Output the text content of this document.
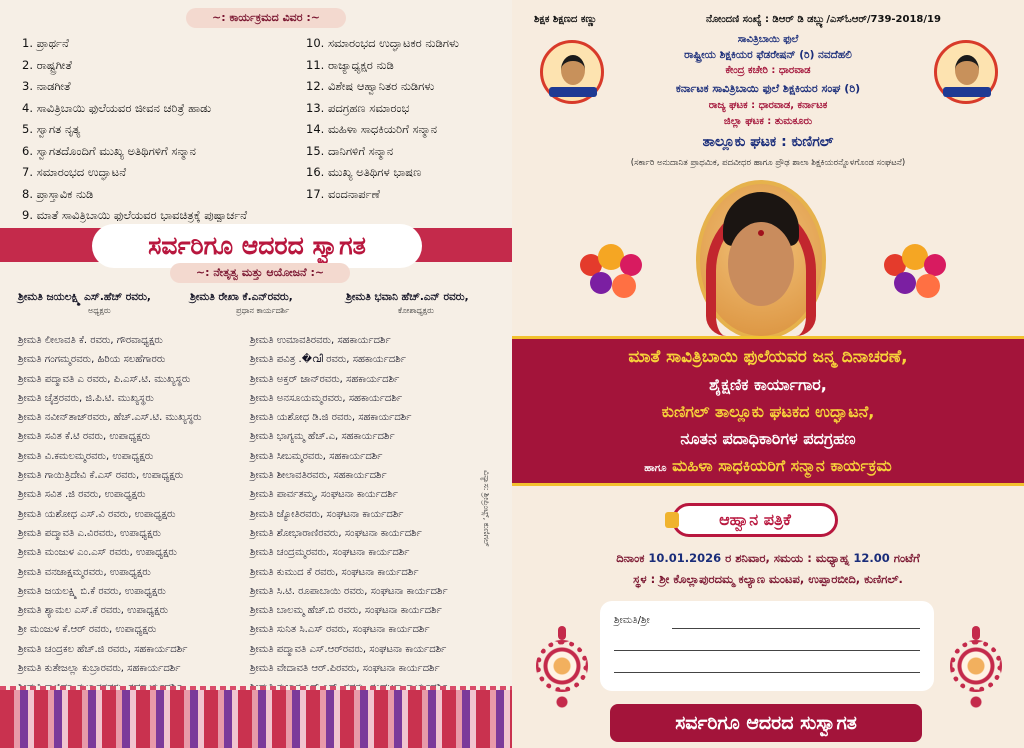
~: ಕಾರ್ಯಕ್ರಮದ ವಿವರ :~
1. ಪ್ರಾರ್ಥನೆ
2. ರಾಷ್ಟ್ರಗೀತೆ
3. ನಾಡಗೀತೆ
4. ಸಾವಿತ್ರಿಬಾಯಿ ಫುಲೆಯವರ ಜೀವನ ಚರಿತ್ರೆ ಹಾಡು
5. ಸ್ವಾಗತ ನೃತ್ಯ
6. ಸ್ವಾಗತದೊಂದಿಗೆ ಮುಖ್ಯ ಅತಿಥಿಗಳಿಗೆ ಸನ್ಮಾನ
7. ಸಮಾರಂಭದ ಉದ್ಘಾಟನೆ
8. ಪ್ರಾಸ್ತಾವಿಕ ನುಡಿ
9. ಮಾತೆ ಸಾವಿತ್ರಿಬಾಯಿ ಫುಲೆಯವರ ಭಾವಚಿತ್ರಕ್ಕೆ ಪುಷ್ಪಾರ್ಚನೆ
10. ಸಮಾರಂಭದ ಉದ್ಘಾಟಕರ ನುಡಿಗಳು
11. ರಾಜ್ಯಾಧ್ಯಕ್ಷರ ನುಡಿ
12. ವಿಶೇಷ ಆಹ್ವಾನಿತರ ನುಡಿಗಳು
13. ಪದಗ್ರಹಣ ಸಮಾರಂಭ
14. ಮಹಿಳಾ ಸಾಧಕಿಯರಿಗೆ ಸನ್ಮಾನ
15. ದಾನಿಗಳಿಗೆ ಸನ್ಮಾನ
16. ಮುಖ್ಯ ಅತಿಥಿಗಳ ಭಾಷಣ
17. ವಂದನಾರ್ಪಣೆ
ಸರ್ವರಿಗೂ ಆದರದ ಸ್ವಾಗತ
~: ನೇತೃತ್ವ ಮತ್ತು ಆಯೋಜನೆ :~
ಶ್ರೀಮತಿ ಜಯಲಕ್ಷ್ಮಿ ಎಸ್.ಹೆಚ್ ರವರು,
ಅಧ್ಯಕ್ಷರು
ಶ್ರೀಮತಿ ರೇಖಾ ಕೆ.ಎನ್‌ರವರು,
ಪ್ರಧಾನ ಕಾರ್ಯದರ್ಶಿ
ಶ್ರೀಮತಿ ಭವಾನಿ ಹೆಚ್.ಎನ್ ರವರು,
ಕೋಶಾಧ್ಯಕ್ಷರು
ಶ್ರೀಮತಿ ಲೀಲಾವತಿ ಕೆ. ರವರು, ಗೌರವಾಧ್ಯಕ್ಷರು
ಶ್ರೀಮತಿ ಗಂಗಮ್ಮರವರು, ಹಿರಿಯ ಸಲಹೆಗಾರರು
ಶ್ರೀಮತಿ ಪದ್ಮಾವತಿ ಎ ರವರು, ಪಿ.ಎಸ್.ಟಿ. ಮುಖ್ಯಸ್ಥರು
ಶ್ರೀಮತಿ ಚೈತ್ರರವರು, ಜಿ.ಪಿ.ಟಿ. ಮುಖ್ಯಸ್ಥರು
ಶ್ರೀಮತಿ ನವೀನ್‌ತಾಜ್‌ರವರು, ಹೆಚ್.ಎಸ್.ಟಿ. ಮುಖ್ಯಸ್ಥರು
ಶ್ರೀಮತಿ ಸವಿತ ಕೆ.ಟಿ ರವರು, ಉಪಾಧ್ಯಕ್ಷರು
ಶ್ರೀಮತಿ ವಿ.ಕಮಲಮ್ಮರವರು, ಉಪಾಧ್ಯಕ್ಷರು
ಶ್ರೀಮತಿ ಗಾಯಿತ್ರಿದೇವಿ ಕೆ.ಎಸ್ ರವರು, ಉಪಾಧ್ಯಕ್ಷರು
ಶ್ರೀಮತಿ ಸವಿತ .ಜಿ ರವರು, ಉಪಾಧ್ಯಕ್ಷರು
ಶ್ರೀಮತಿ ಯಶೋಧ ಎಸ್.ವಿ ರವರು, ಉಪಾಧ್ಯಕ್ಷರು
ಶ್ರೀಮತಿ ಪದ್ಮಾವತಿ ಎ.ವಿರವರು, ಉಪಾಧ್ಯಕ್ಷರು
ಶ್ರೀಮತಿ ಮಂಜುಳ ಎಂ.ಎಸ್ ರವರು, ಉಪಾಧ್ಯಕ್ಷರು
ಶ್ರೀಮತಿ ವನಜಾಕ್ಷಮ್ಮರವರು, ಉಪಾಧ್ಯಕ್ಷರು
ಶ್ರೀಮತಿ ಜಯಲಕ್ಷ್ಮಿ ಬಿ.ಕೆ ರವರು, ಉಪಾಧ್ಯಕ್ಷರು
ಶ್ರೀಮತಿ ಶ್ಯಾಮಲ ಎಸ್.ಕೆ ರವರು, ಉಪಾಧ್ಯಕ್ಷರು
ಶ್ರೀ ಮಂಜುಳ ಕೆ.ಆರ್ ರವರು, ಉಪಾಧ್ಯಕ್ಷರು
ಶ್ರೀಮತಿ ಚಂದ್ರಕಲ ಹೆಚ್.ಜಿ ರವರು, ಸಹಕಾರ್ಯದರ್ಶಿ
ಶ್ರೀಮತಿ ಕುತೇಜಲ್ಲಾ ಕುಬ್ರಾರವರು, ಸಹಕಾರ್ಯದರ್ಶಿ
ಶ್ರೀಮತಿ ಉಮಾವತಿರವರು, ಸಹಕಾರ್ಯದರ್ಶಿ
ಶ್ರೀಮತಿ ಪವಿತ್ರ .�വി ರವರು, ಸಹಕಾರ್ಯದರ್ಶಿ
ಶ್ರೀಮತಿ ಅಕ್ತರ್ ಜಾನ್‌ರವರು, ಸಹಕಾರ್ಯದರ್ಶಿ
ಶ್ರೀಮತಿ ಅನಸೂಯಮ್ಮರವರು, ಸಹಕಾರ್ಯದರ್ಶಿ
ಶ್ರೀಮತಿ ಯಶೋಧ ಡಿ.ಜಿ ರವರು, ಸಹಕಾರ್ಯದರ್ಶಿ
ಶ್ರೀಮತಿ ಭಾಗ್ಯಮ್ಮ ಹೆಚ್.ಎ, ಸಹಕಾರ್ಯದರ್ಶಿ
ಶ್ರೀಮತಿ ಸೀಬಮ್ಮರವರು, ಸಹಕಾರ್ಯದರ್ಶಿ
ಶ್ರೀಮತಿ ಶೀಲಾವತಿರವರು, ಸಹಕಾರ್ಯದರ್ಶಿ
ಶ್ರೀಮತಿ ಪಾರ್ವತಮ್ಮ, ಸಂಘಟನಾ ಕಾರ್ಯದರ್ಶಿ
ಶ್ರೀಮತಿ ಜ್ಯೋತಿರವರು, ಸಂಘಟನಾ ಕಾರ್ಯದರ್ಶಿ
ಶ್ರೀಮತಿ ಶೋಭಾರಾಣಿರವರು, ಸಂಘಟನಾ ಕಾರ್ಯದರ್ಶಿ
ಶ್ರೀಮತಿ ಚಂದ್ರಮ್ಮರವರು, ಸಂಘಟನಾ ಕಾರ್ಯದರ್ಶಿ
ಶ್ರೀಮತಿ ಕುಮುದ ಕೆ ರವರು, ಸಂಘಟನಾ ಕಾರ್ಯದರ್ಶಿ
ಶ್ರೀಮತಿ ಸಿ.ಟಿ. ರೂಪಾಬಾಯಿ ರವರು, ಸಂಘಟನಾ ಕಾರ್ಯದರ್ಶಿ
ಶ್ರೀಮತಿ ಬಾಲಮ್ಮ ಹೆಚ್.ಬಿ ರವರು, ಸಂಘಟನಾ ಕಾರ್ಯದರ್ಶಿ
ಶ್ರೀಮತಿ ಸುನಿತ ಸಿ.ಎಸ್ ರವರು, ಸಂಘಟನಾ ಕಾರ್ಯದರ್ಶಿ
ಶ್ರೀಮತಿ ಪದ್ಮಾವತಿ ಎಸ್.ಆರ್‌ರವರು, ಸಂಘಟನಾ ಕಾರ್ಯದರ್ಶಿ
ಶ್ರೀಮತಿ ವೇದಾವತಿ ಆರ್.ಪಿರವರು, ಸಂಘಟನಾ ಕಾರ್ಯದರ್ಶಿ
ವಿನ್ಯಾಸ: ಶ್ರೀಪ್ರಿಂಟ್ಸ್, ಕುಣಿಗಲ್
ಶಿಕ್ಷಕ ಶಿಕ್ಷಣದ ಕಣ್ಣು	ನೋಂದಣಿ ಸಂಖ್ಯೆ : ಡಿಆರ್ ಡಿ ಡಬ್ಲ್ಯು/ಎಸ್‌ಓಆರ್/739-2018/19
ಸಾವಿತ್ರಿಬಾಯಿ ಫುಲೆ
ರಾಷ್ಟ್ರೀಯ ಶಿಕ್ಷಕಿಯರ ಫೆಡರೇಷನ್ (ರಿ) ನವದೆಹಲಿ
ಕೇಂದ್ರ ಕಚೇರಿ : ಧಾರವಾಡ
ಕರ್ನಾಟಕ ಸಾವಿತ್ರಿಬಾಯಿ ಫುಲೆ ಶಿಕ್ಷಕಿಯರ ಸಂಘ (ರಿ)
ರಾಜ್ಯ ಘಟಕ : ಧಾರವಾಡ, ಕರ್ನಾಟಕ
ಜಿಲ್ಲಾ ಘಟಕ : ತುಮಕೂರು
ತಾಲ್ಲೂಕು ಘಟಕ : ಕುಣಿಗಲ್
(ಸರ್ಕಾರಿ ಅನುದಾನಿತ ಪ್ರಾಥಮಿಕ, ಪದವೀಧರ ಹಾಗೂ ಪ್ರೌಢ ಶಾಲಾ ಶಿಕ್ಷಕಿಯರನ್ನೊಳಗೊಂಡ ಸಂಘಟನೆ)
ಮಾತೆ ಸಾವಿತ್ರಿಬಾಯಿ ಫುಲೆಯವರ ಜನ್ಮ ದಿನಾಚರಣೆ,
ಶೈಕ್ಷಣಿಕ ಕಾರ್ಯಾಗಾರ,
ಕುಣಿಗಲ್ ತಾಲ್ಲೂಕು ಘಟಕದ ಉದ್ಘಾಟನೆ,
ನೂತನ ಪದಾಧಿಕಾರಿಗಳ ಪದಗ್ರಹಣ
ಹಾಗೂ ಮಹಿಳಾ ಸಾಧಕಿಯರಿಗೆ ಸನ್ಮಾನ ಕಾರ್ಯಕ್ರಮ
ಆಹ್ವಾನ ಪತ್ರಿಕೆ
ದಿನಾಂಕ 10.01.2026 ರ ಶನಿವಾರ, ಸಮಯ : ಮಧ್ಯಾಹ್ನ 12.00 ಗಂಟೆಗೆ
ಸ್ಥಳ : ಶ್ರೀ ಕೊಲ್ಲಾಪುರದಮ್ಮ ಕಲ್ಯಾಣ ಮಂಟಪ, ಉಪ್ಪಾರಬೀದಿ, ಕುಣಿಗಲ್.
ಶ್ರೀಮತಿ/ಶ್ರೀ
ಸರ್ವರಿಗೂ ಆದರದ ಸುಸ್ವಾಗತ
